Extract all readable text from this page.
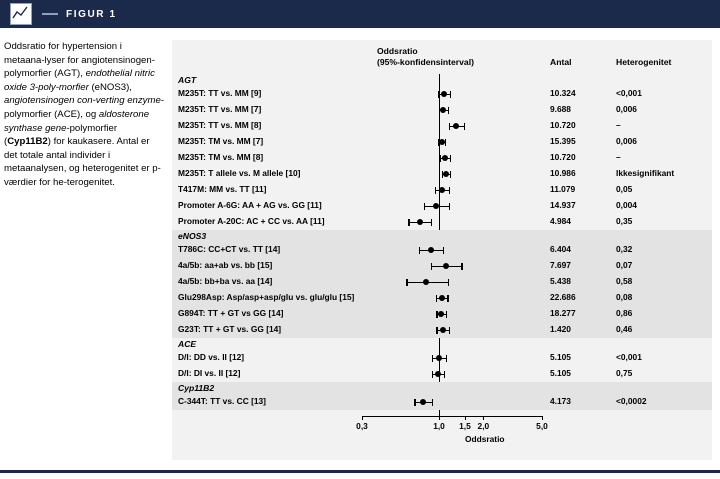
FIGUR 1
Oddsratio for hypertension i metaana-lyser for angiotensinogen-polymorfier (AGT), endothelial nitric oxide 3-poly-morfier (eNOS3), angiotensinogen con-verting enzyme-polymorfier (ACE), og aldosterone synthase gene-polymorfier (Cyp11B2) for kaukasere. Antal er det totale antal individer i metaanalysen, og heterogenitet er p-værdier for he-terogenitet.
Oddsratio
(95%-konfidensinterval)	Antal	Heterogenitet
AGT
M235T: TT vs. MM [9]	10.324	<0,001
M235T: TT vs. MM [7]	9.688	0,006
M235T: TT vs. MM [8]	10.720	–
M235T: TM vs. MM [7]	15.395	0,006
M235T: TM vs. MM [8]	10.720	–
M235T: T allele vs. M allele [10]	10.986	Ikkesignifikant
T417M: MM vs. TT [11]	11.079	0,05
Promoter A-6G: AA + AG vs. GG [11]	14.937	0,004
Promoter A-20C: AC + CC vs. AA [11]	4.984	0,35
eNOS3
T786C: CC+CT vs. TT [14]	6.404	0,32
4a/5b: aa+ab vs. bb [15]	7.697	0,07
4a/5b: bb+ba vs. aa [14]	5.438	0,58
Glu298Asp: Asp/asp+asp/glu vs. glu/glu [15]	22.686	0,08
G894T: TT + GT vs GG [14]	18.277	0,86
G23T: TT + GT vs. GG [14]	1.420	0,46
ACE
D/I: DD vs. II [12]	5.105	<0,001
D/I: DI vs. II [12]	5.105	0,75
Cyp11B2
C-344T: TT vs. CC [13]	4.173	<0,0002
0,3	1,0 1,5 2,0	5,0
Oddsratio
